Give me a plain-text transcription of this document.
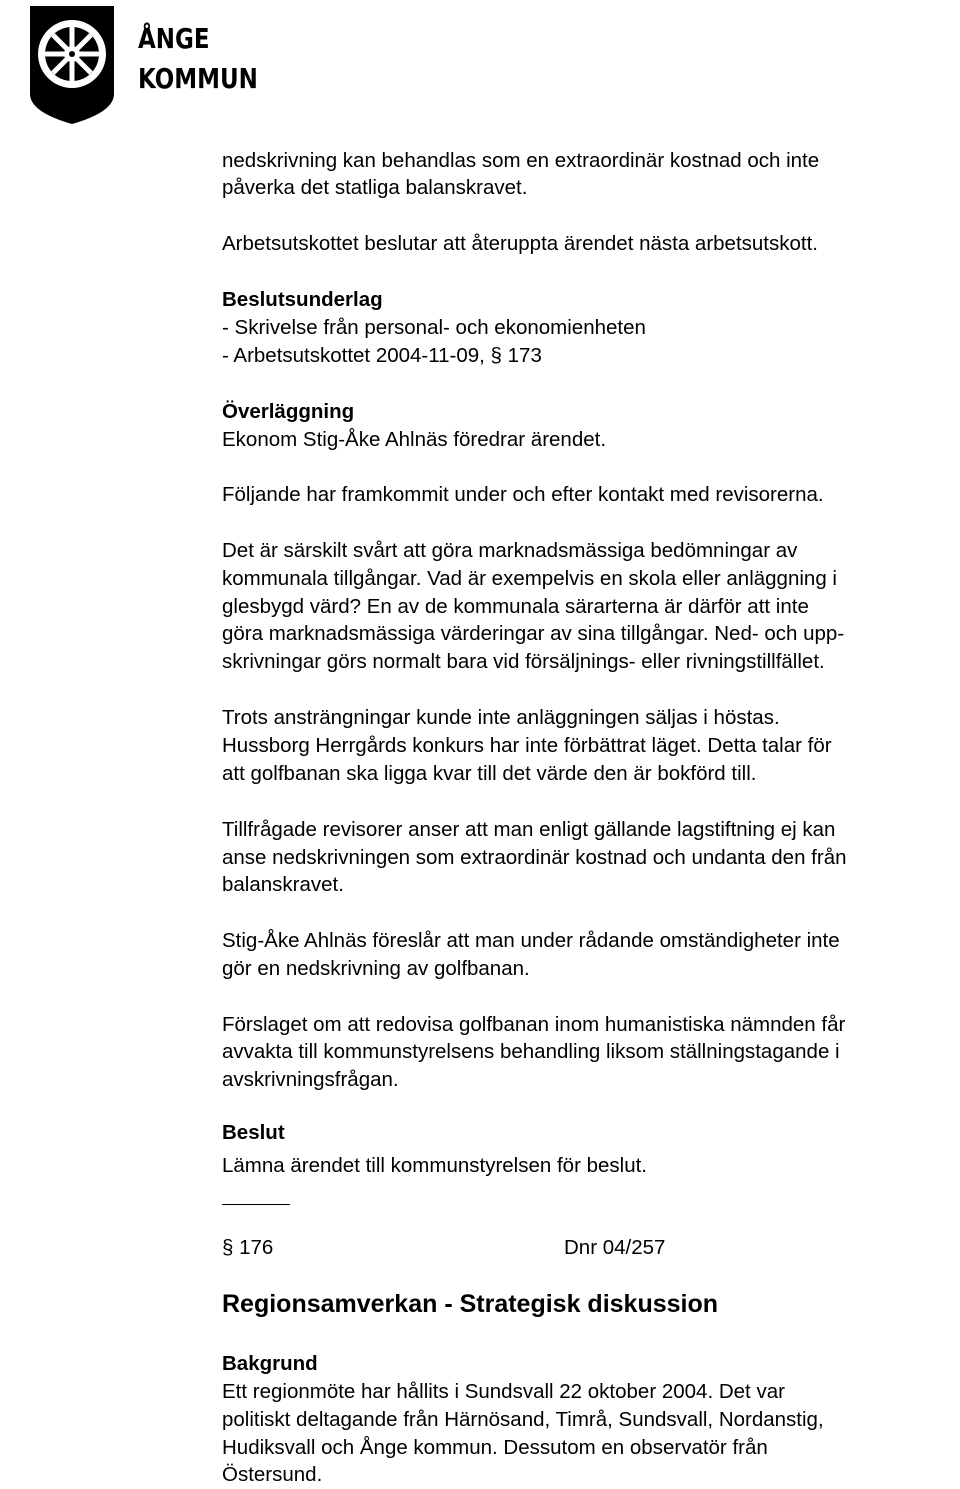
ÅNGE
KOMMUN
nedskrivning kan behandlas som en extraordinär kostnad och inte
påverka det statliga balanskravet.
Arbetsutskottet beslutar att återuppta ärendet nästa arbetsutskott.
Beslutsunderlag
- Skrivelse från personal- och ekonomienheten
- Arbetsutskottet 2004-11-09, § 173
Överläggning
Ekonom Stig-Åke Ahlnäs föredrar ärendet.
Följande har framkommit under och efter kontakt med revisorerna.
Det är särskilt svårt att göra marknadsmässiga bedömningar av
kommunala tillgångar. Vad är exempelvis en skola eller anläggning i
glesbygd värd? En av de kommunala särarterna är därför att inte
göra marknadsmässiga värderingar av sina tillgångar. Ned- och upp-
skrivningar görs normalt bara vid försäljnings- eller rivningstillfället.
Trots ansträngningar kunde inte anläggningen säljas i höstas.
Hussborg Herrgårds konkurs har inte förbättrat läget. Detta talar för
att golfbanan ska ligga kvar till det värde den är bokförd till.
Tillfrågade revisorer anser att man enligt gällande lagstiftning ej kan
anse nedskrivningen som extraordinär kostnad och undanta den från
balanskravet.
Stig-Åke Ahlnäs föreslår att man under rådande omständigheter inte
gör en nedskrivning av golfbanan.
Förslaget om att redovisa golfbanan inom humanistiska nämnden får
avvakta till kommunstyrelsens behandling liksom ställningstagande i
avskrivningsfrågan.
Beslut
Lämna ärendet till kommunstyrelsen för beslut.
§ 176	Dnr 04/257
Regionsamverkan - Strategisk diskussion
Bakgrund
Ett regionmöte har hållits i Sundsvall 22 oktober 2004. Det var
politiskt deltagande från Härnösand, Timrå, Sundsvall, Nordanstig,
Hudiksvall och Ånge kommun. Dessutom en observatör från
Östersund.
